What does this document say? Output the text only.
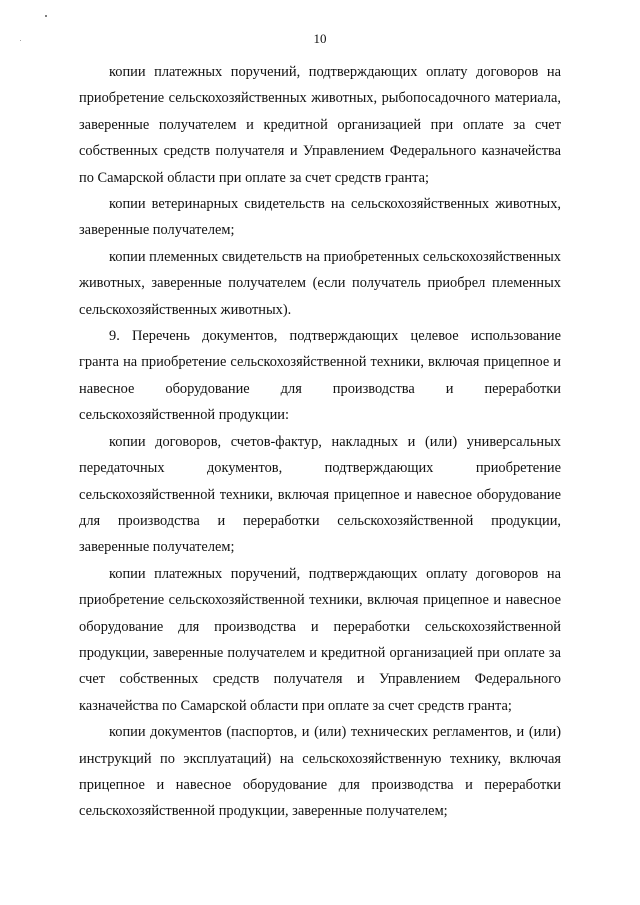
10

копии платежных поручений, подтверждающих оплату договоров на приобретение сельскохозяйственных животных, рыбопосадочного материала, заверенные получателем и кредитной организацией при оплате за счет собственных средств получателя и Управлением Федерального казначейства по Самарской области при оплате за счет средств гранта;

копии ветеринарных свидетельств на сельскохозяйственных животных, заверенные получателем;

копии племенных свидетельств на приобретенных сельскохозяйственных животных, заверенные получателем (если получатель приобрел племенных сельскохозяйственных животных).

9. Перечень документов, подтверждающих целевое использование гранта на приобретение сельскохозяйственной техники, включая прицепное и навесное оборудование для производства и переработки сельскохозяйственной продукции:

копии договоров, счетов-фактур, накладных и (или) универсальных передаточных документов, подтверждающих приобретение сельскохозяйственной техники, включая прицепное и навесное оборудование для производства и переработки сельскохозяйственной продукции, заверенные получателем;

копии платежных поручений, подтверждающих оплату договоров на приобретение сельскохозяйственной техники, включая прицепное и навесное оборудование для производства и переработки сельскохозяйственной продукции, заверенные получателем и кредитной организацией при оплате за счет собственных средств получателя и Управлением Федерального казначейства по Самарской области при оплате за счет средств гранта;

копии документов (паспортов, и (или) технических регламентов, и (или) инструкций по эксплуатаций) на сельскохозяйственную технику, включая прицепное и навесное оборудование для производства и переработки сельскохозяйственной продукции, заверенные получателем;
